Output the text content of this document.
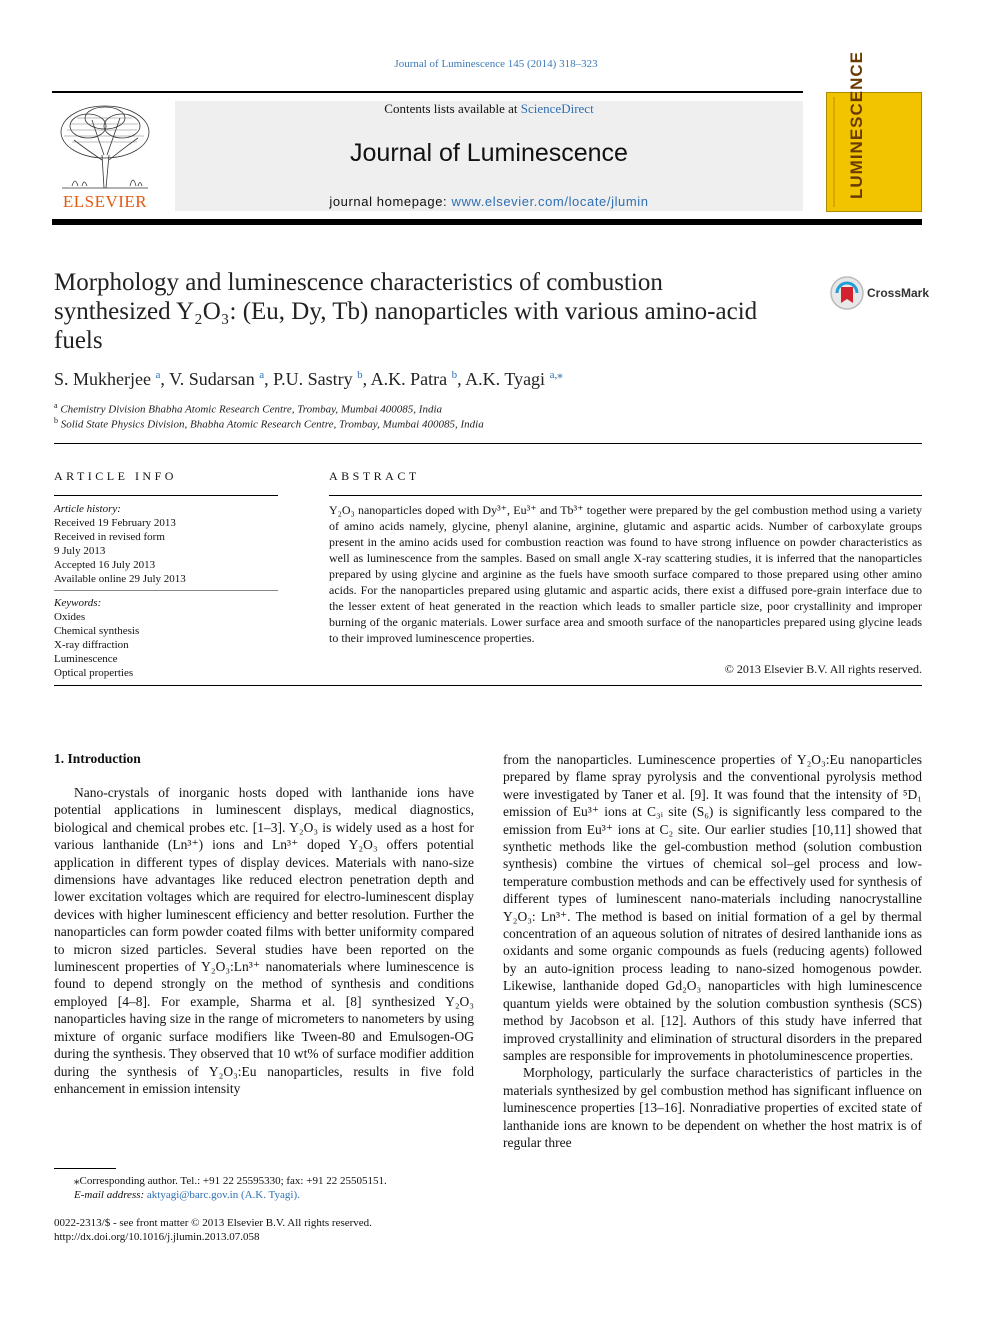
Journal of Luminescence 145 (2014) 318–323
ELSEVIER
Contents lists available at ScienceDirect
Journal of Luminescence
journal homepage: www.elsevier.com/locate/jlumin
LUMINESCENCE
Morphology and luminescence characteristics of combustion synthesized Y₂O₃: (Eu, Dy, Tb) nanoparticles with various amino-acid fuels
CrossMark
S. Mukherjee $^a$, V. Sudarsan $^a$, P.U. Sastry $^b$, A.K. Patra $^b$, A.K. Tyagi $^{a,⁎}$
$^a$ Chemistry Division Bhabha Atomic Research Centre, Trombay, Mumbai 400085, India
$^b$ Solid State Physics Division, Bhabha Atomic Research Centre, Trombay, Mumbai 400085, India
ARTICLE INFO	ABSTRACT
Article history:
Received 19 February 2013
Received in revised form
9 July 2013
Accepted 16 July 2013
Available online 29 July 2013
Keywords:
Oxides
Chemical synthesis
X-ray diffraction
Luminescence
Optical properties
Y₂O₃ nanoparticles doped with Dy³⁺, Eu³⁺ and Tb³⁺ together were prepared by the gel combustion method using a variety of amino acids namely, glycine, phenyl alanine, arginine, glutamic and aspartic acids. Number of carboxylate groups present in the amino acids used for combustion reaction was found to have strong influence on powder characteristics as well as luminescence from the samples. Based on small angle X-ray scattering studies, it is inferred that the nanoparticles prepared by using glycine and arginine as the fuels have smooth surface compared to those prepared using other amino acids. For the nanoparticles prepared using glutamic and aspartic acids, there exist a diffused pore-grain interface due to the lesser extent of heat generated in the reaction which leads to smaller particle size, poor crystallinity and improper burning of the organic materials. Lower surface area and smooth surface of the nanoparticles prepared using glycine leads to their improved luminescence properties.
© 2013 Elsevier B.V. All rights reserved.
1. Introduction

Nano-crystals of inorganic hosts doped with lanthanide ions have potential applications in luminescent displays, medical diagnostics, biological and chemical probes etc. [1–3]. Y₂O₃ is widely used as a host for various lanthanide (Ln³⁺) ions and Ln³⁺ doped Y₂O₃ offers potential application in different types of display devices. Materials with nano-size dimensions have advantages like reduced electron penetration depth and lower excitation voltages which are required for electro-luminescent display devices with higher luminescent efficiency and better resolution. Further the nanoparticles can form powder coated films with better uniformity compared to micron sized particles. Several studies have been reported on the luminescent properties of Y₂O₃:Ln³⁺ nanomaterials where luminescence is found to depend strongly on the method of synthesis and conditions employed [4–8]. For example, Sharma et al. [8] synthesized Y₂O₃ nanoparticles having size in the range of micrometers to nanometers by using mixture of organic surface modifiers like Tween-80 and Emulsogen-OG during the synthesis. They observed that 10 wt% of surface modifier addition during the synthesis of Y₂O₃:Eu nanoparticles, results in five fold enhancement in emission intensity

from the nanoparticles. Luminescence properties of Y₂O₃:Eu nanoparticles prepared by flame spray pyrolysis and the conventional pyrolysis method were investigated by Taner et al. [9]. It was found that the intensity of ⁵D₁ emission of Eu³⁺ ions at C₃ᵢ site (S₆) is significantly less compared to the emission from Eu³⁺ ions at C₂ site. Our earlier studies [10,11] showed that synthetic methods like the gel-combustion method (solution combustion synthesis) combine the virtues of chemical sol–gel process and low-temperature combustion methods and can be effectively used for synthesis of different types of luminescent nano-materials including nanocrystalline Y₂O₃: Ln³⁺. The method is based on initial formation of a gel by thermal concentration of an aqueous solution of nitrates of desired lanthanide ions as oxidants and some organic compounds as fuels (reducing agents) followed by an auto-ignition process leading to nano-sized homogenous powder. Likewise, lanthanide doped Gd₂O₃ nanoparticles with high luminescence quantum yields were obtained by the solution combustion synthesis (SCS) method by Jacobson et al. [12]. Authors of this study have inferred that improved crystallinity and elimination of structural disorders in the prepared samples are responsible for improvements in photoluminescence properties.

Morphology, particularly the surface characteristics of particles in the materials synthesized by gel combustion method has significant influence on luminescence properties [13–16]. Nonradiative properties of excited state of lanthanide ions are known to be dependent on whether the host matrix is of regular three

⁎Corresponding author. Tel.: +91 22 25595330; fax: +91 22 25505151.
E-mail address: aktyagi@barc.gov.in (A.K. Tyagi).
0022-2313/$ - see front matter © 2013 Elsevier B.V. All rights reserved.
http://dx.doi.org/10.1016/j.jlumin.2013.07.058
